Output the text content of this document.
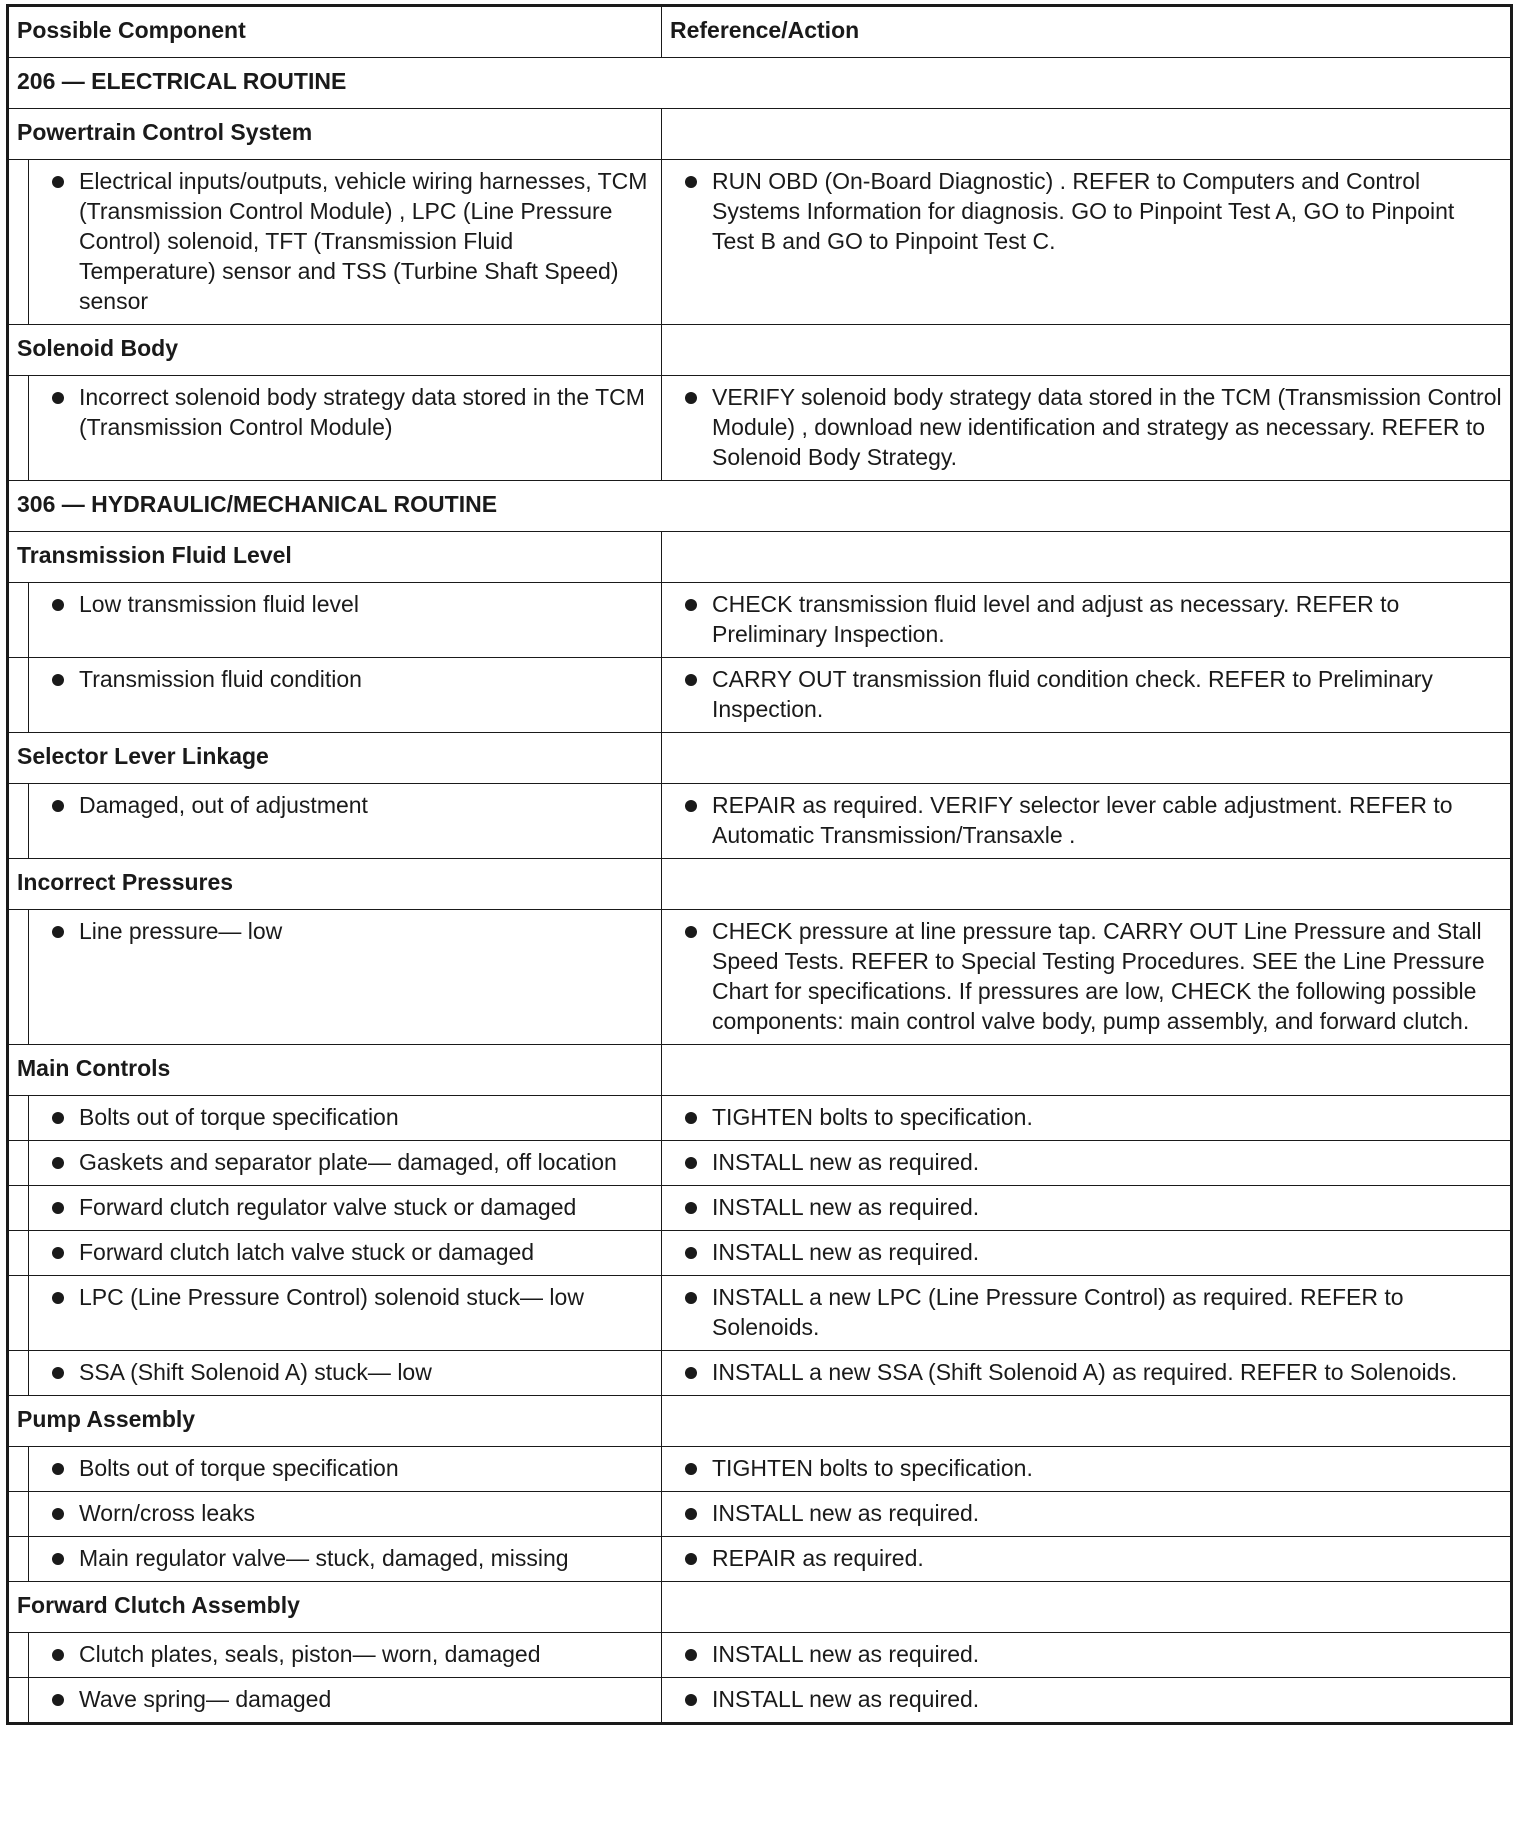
Possible Component		Reference/Action
206 — ELECTRICAL ROUTINE		
Powertrain Control System		

	Electrical inputs/outputs, vehicle wiring harnesses, TCM (Transmission Control Module) , LPC (Line Pressure Control) solenoid, TFT (Transmission Fluid Temperature) sensor and TSS (Turbine Shaft Speed) sensor	RUN OBD (On-Board Diagnostic) . REFER to Computers and Control Systems Information for diagnosis. GO to Pinpoint Test A, GO to Pinpoint Test B and GO to Pinpoint Test C.

Solenoid Body		

	Incorrect solenoid body strategy data stored in the TCM (Transmission Control Module)	VERIFY solenoid body strategy data stored in the TCM (Transmission Control Module) , download new identification and strategy as necessary. REFER to Solenoid Body Strategy.

306 — HYDRAULIC/MECHANICAL ROUTINE		
Transmission Fluid Level		

	Low transmission fluid level	CHECK transmission fluid level and adjust as necessary. REFER to Preliminary Inspection.

	Transmission fluid condition	CARRY OUT transmission fluid condition check. REFER to Preliminary Inspection.

Selector Lever Linkage		

	Damaged, out of adjustment	REPAIR as required. VERIFY selector lever cable adjustment. REFER to Automatic Transmission/Transaxle .

Incorrect Pressures		

	Line pressure— low	CHECK pressure at line pressure tap. CARRY OUT Line Pressure and Stall Speed Tests. REFER to Special Testing Procedures. SEE the Line Pressure Chart for specifications. If pressures are low, CHECK the following possible components: main control valve body, pump assembly, and forward clutch.

Main Controls		

	Bolts out of torque specification	TIGHTEN bolts to specification.

	Gaskets and separator plate— damaged, off location	INSTALL new as required.

	Forward clutch regulator valve stuck or damaged	INSTALL new as required.

	Forward clutch latch valve stuck or damaged	INSTALL new as required.

	LPC (Line Pressure Control) solenoid stuck— low	INSTALL a new LPC (Line Pressure Control) as required. REFER to Solenoids.

	SSA (Shift Solenoid A) stuck— low	INSTALL a new SSA (Shift Solenoid A) as required. REFER to Solenoids.

Pump Assembly		

	Bolts out of torque specification	TIGHTEN bolts to specification.

	Worn/cross leaks	INSTALL new as required.

	Main regulator valve— stuck, damaged, missing	REPAIR as required.

Forward Clutch Assembly		

	Clutch plates, seals, piston— worn, damaged	INSTALL new as required.

	Wave spring— damaged	INSTALL new as required.
